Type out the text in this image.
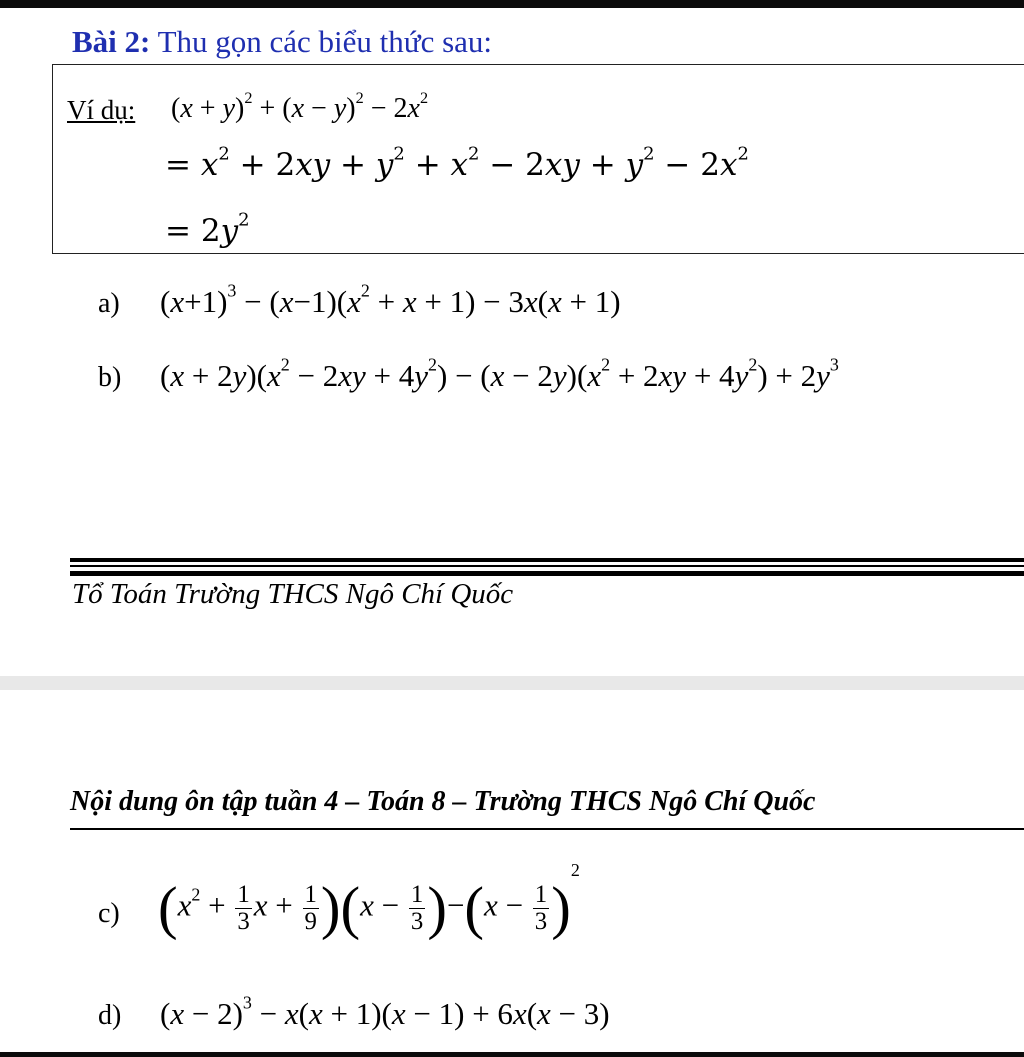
Bài 2: Thu gọn các biểu thức sau:
Ví dụ: $(x + y)^2 + (x - y)^2 - 2x^2$
= $x^2 + 2xy + y^2 + x^2 - 2xy + y^2 - 2x^2$
= $2y^2$
a) $(x+1)^3 - (x-1)(x^2 + x + 1) - 3x(x + 1)$
b) $(x + 2y)(x^2 - 2xy + 4y^2) - (x - 2y)(x^2 + 2xy + 4y^2) + 2y^3$
Tổ Toán Trường THCS Ngô Chí Quốc
Nội dung ôn tập tuần 4 – Toán 8 – Trường THCS Ngô Chí Quốc
c) ($x^2 + \frac{1}{3}$ $x + \frac{1}{9} )(x - \frac{1}{3} )-(x - \frac{1}{3} )^2$
d) $(x - 2)^3 - x(x + 1)(x - 1) + 6x(x - 3)$
